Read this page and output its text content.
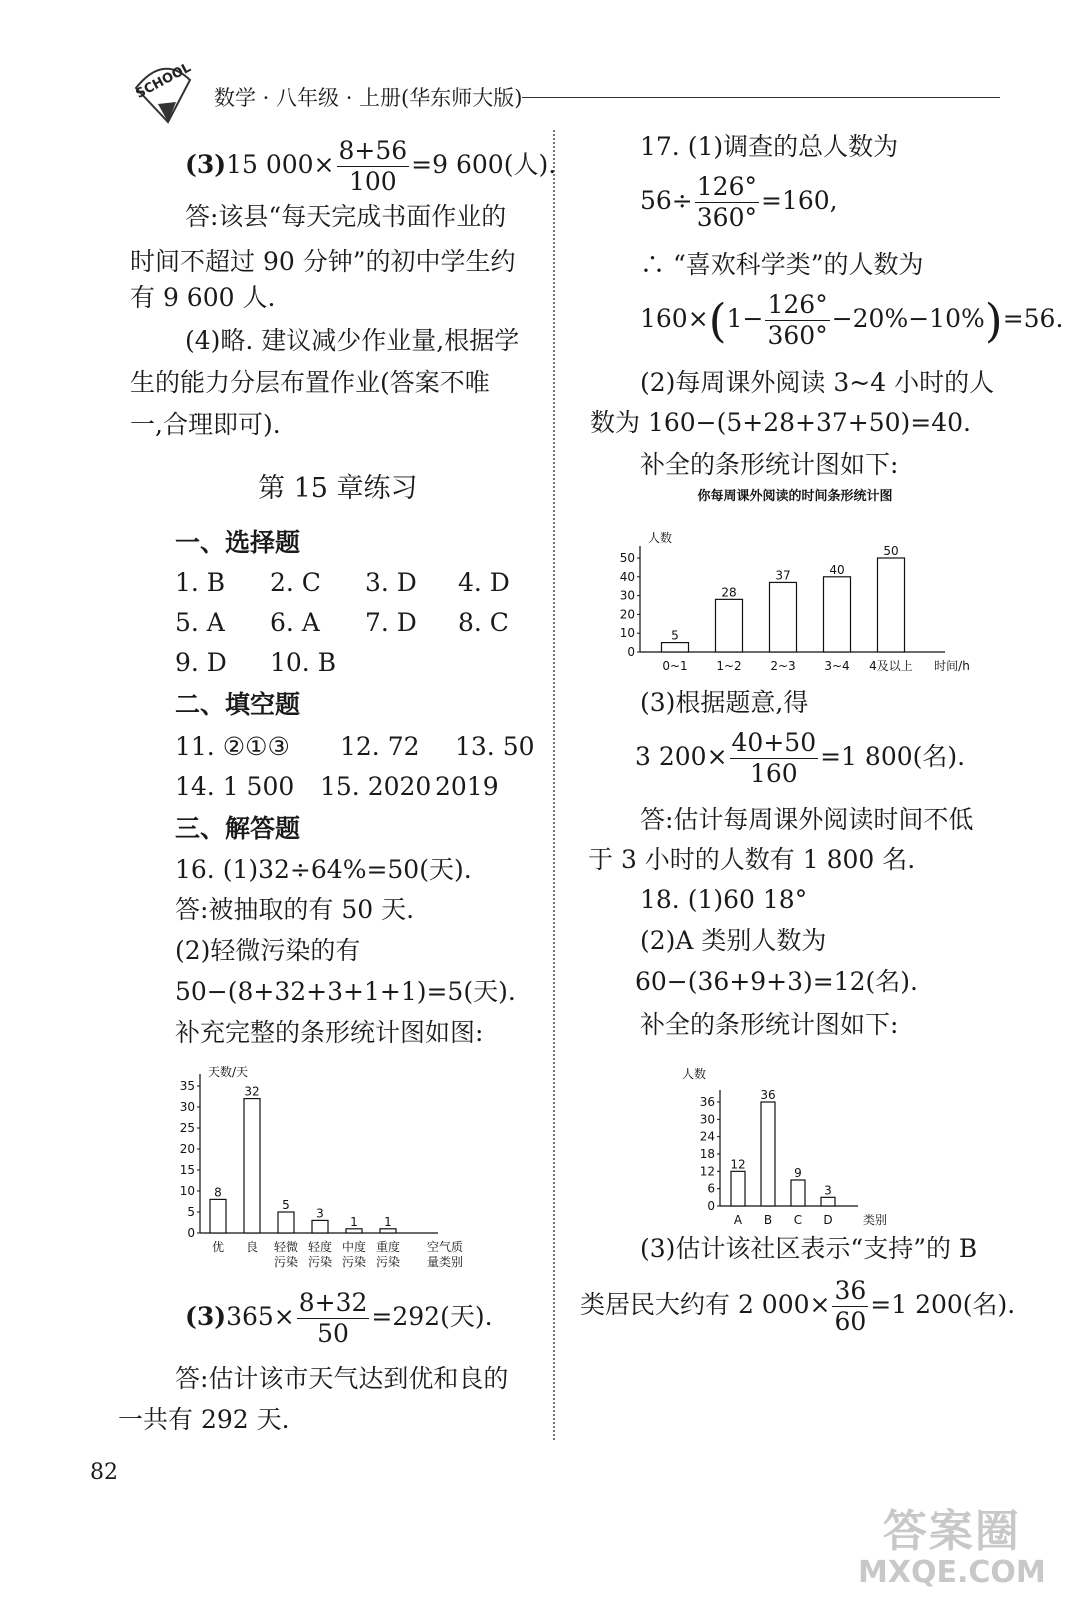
SCHOOL 数学 · 八年级 · 上册(华东师大版)
(3)15 $000\times \frac{8+56}{100} =9$ 600(人).
答:该县“每天完成书面作业的
时间不超过 90 分钟”的初中学生约
有 9 600 人.
(4)略. 建议减少作业量,根据学
生的能力分层布置作业(答案不唯
一,合理即可).
第 15 章练习
一、选择题
1. B 2. C 3. D 4. D
5. A 6. A 7. D 8. C
9. D 10. B
二、填空题
11. ②①③ 12. 72 13. 50
14. 1 500 15. 2020 2019
三、解答题
16. (1)32÷64%=50(天).
答:被抽取的有 50 天.
(2)轻微污染的有
50−(8+32+3+1+1)=5(天).
补充完整的条形统计图如图:
天数/天
0
5
10
15
20
25
30
35
8
优
32
良
5
轻微
污染
3
轻度
污染
1
中度
污染
1
重度
污染
空气质
量类别
$(3)365\times \frac{8+32}{50} =292$(天).
答:估计该市天气达到优和良的
一共有 292 天.
17. (1)调查的总人数为
$56\div \frac{126^\circ}{360^\circ} =160$,
∴ “喜欢科学类”的人数为
$160\times(1- \frac{126^\circ}{360^\circ} -20\%-10\%)=56$.
(2)每周课外阅读 3~4 小时的人
数为 160−(5+28+37+50)=40.
补全的条形统计图如下:
你每周课外阅读的时间条形统计图
人数
0
10
20
30
40
50
5
0~1
28
1~2
37
2~3
40
3~4
50
4及以上 时间/h
(3)根据题意,得
3 $200\times \frac{40+50}{160} =1$ 800(名).
答:估计每周课外阅读时间不低
于 3 小时的人数有 1 800 名.
18. (1)60 18°
(2)A 类别人数为
60−(36+9+3)=12(名).
补全的条形统计图如下:
人数
0
6
12
18
24
30
36
12
A
36
B
9
C
3
D	类别
(3)估计该社区表示“支持”的 B
类居民大约有 2 $000\times \frac{36}{60} =1$ 200(名).
82
答案圈
MXQE.COM
